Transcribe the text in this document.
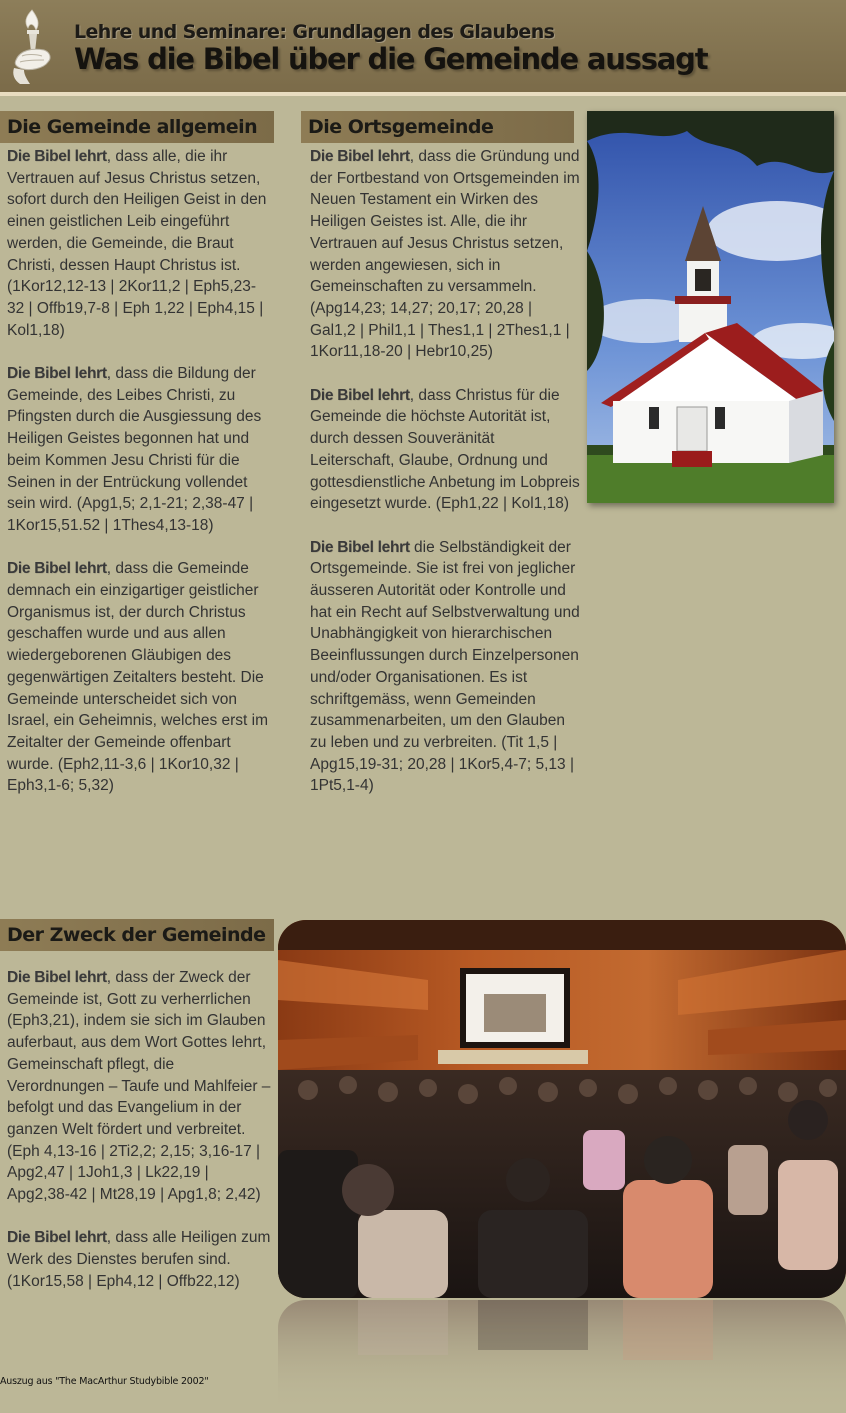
Lehre und Seminare: Grundlagen des Glaubens
Was die Bibel über die Gemeinde aussagt
Die Gemeinde allgemein

Die Bibel lehrt, dass alle, die ihr Vertrauen auf Jesus Christus setzen, sofort durch den Heiligen Geist in den einen geistlichen Leib eingeführt werden, die Gemeinde, die Braut Christi, dessen Haupt Christus ist. (1Kor12,12-13 | 2Kor11,2 | Eph5,23-32 | Offb19,7-8 | Eph 1,22 | Eph4,15 | Kol1,18)

Die Bibel lehrt, dass die Bildung der Gemeinde, des Leibes Christi, zu Pfingsten durch die Ausgiessung des Heiligen Geistes begonnen hat und beim Kommen Jesu Christi für die Seinen in der Entrückung vollendet sein wird. (Apg1,5; 2,1-21; 2,38-47 | 1Kor15,51.52 | 1Thes4,13-18)

Die Bibel lehrt, dass die Gemeinde demnach ein einzigartiger geistlicher Organismus ist, der durch Christus geschaffen wurde und aus allen wiedergeborenen Gläubigen des gegenwärtigen Zeitalters besteht. Die Gemeinde unterscheidet sich von Israel, ein Geheimnis, welches erst im Zeitalter der Gemeinde offenbart wurde. (Eph2,11-3,6 | 1Kor10,32 | Eph3,1-6; 5,32)

Die Ortsgemeinde

Die Bibel lehrt, dass die Gründung und der Fortbestand von Ortsgemeinden im Neuen Testament ein Wirken des Heiligen Geistes ist. Alle, die ihr Vertrauen auf Jesus Christus setzen, werden angewiesen, sich in Gemeinschaften zu versammeln. (Apg14,23; 14,27; 20,17; 20,28 | Gal1,2 | Phil1,1 | Thes1,1 | 2Thes1,1 | 1Kor11,18-20 | Hebr10,25)

Die Bibel lehrt, dass Christus für die Gemeinde die höchste Autorität ist, durch dessen Souveränität Leiterschaft, Glaube, Ordnung und gottesdienstliche Anbetung im Lobpreis eingesetzt wurde. (Eph1,22 | Kol1,18)

Die Bibel lehrt die Selbständigkeit der Ortsgemeinde. Sie ist frei von jeglicher äusseren Autorität oder Kontrolle und hat ein Recht auf Selbstverwaltung und Unabhängigkeit von hierarchischen Beeinflussungen durch Einzelpersonen und/oder Organisationen. Es ist schriftgemäss, wenn Gemeinden zusammenarbeiten, um den Glauben zu leben und zu verbreiten. (Tit 1,5 | Apg15,19-31; 20,28 | 1Kor5,4-7; 5,13 | 1Pt5,1-4)

Der Zweck der Gemeinde

Die Bibel lehrt, dass der Zweck der Gemeinde ist, Gott zu verherrlichen (Eph3,21), indem sie sich im Glauben auferbaut, aus dem Wort Gottes lehrt, Gemeinschaft pflegt, die Verordnungen – Taufe und Mahlfeier – befolgt und das Evangelium in der ganzen Welt fördert und verbreitet. (Eph 4,13-16 | 2Ti2,2; 2,15; 3,16-17 | Apg2,47 | 1Joh1,3 | Lk22,19 | Apg2,38-42 | Mt28,19 | Apg1,8; 2,42)

Die Bibel lehrt, dass alle Heiligen zum Werk des Dienstes berufen sind. (1Kor15,58 | Eph4,12 | Offb22,12)

Auszug aus "The MacArthur Studybible 2002"
